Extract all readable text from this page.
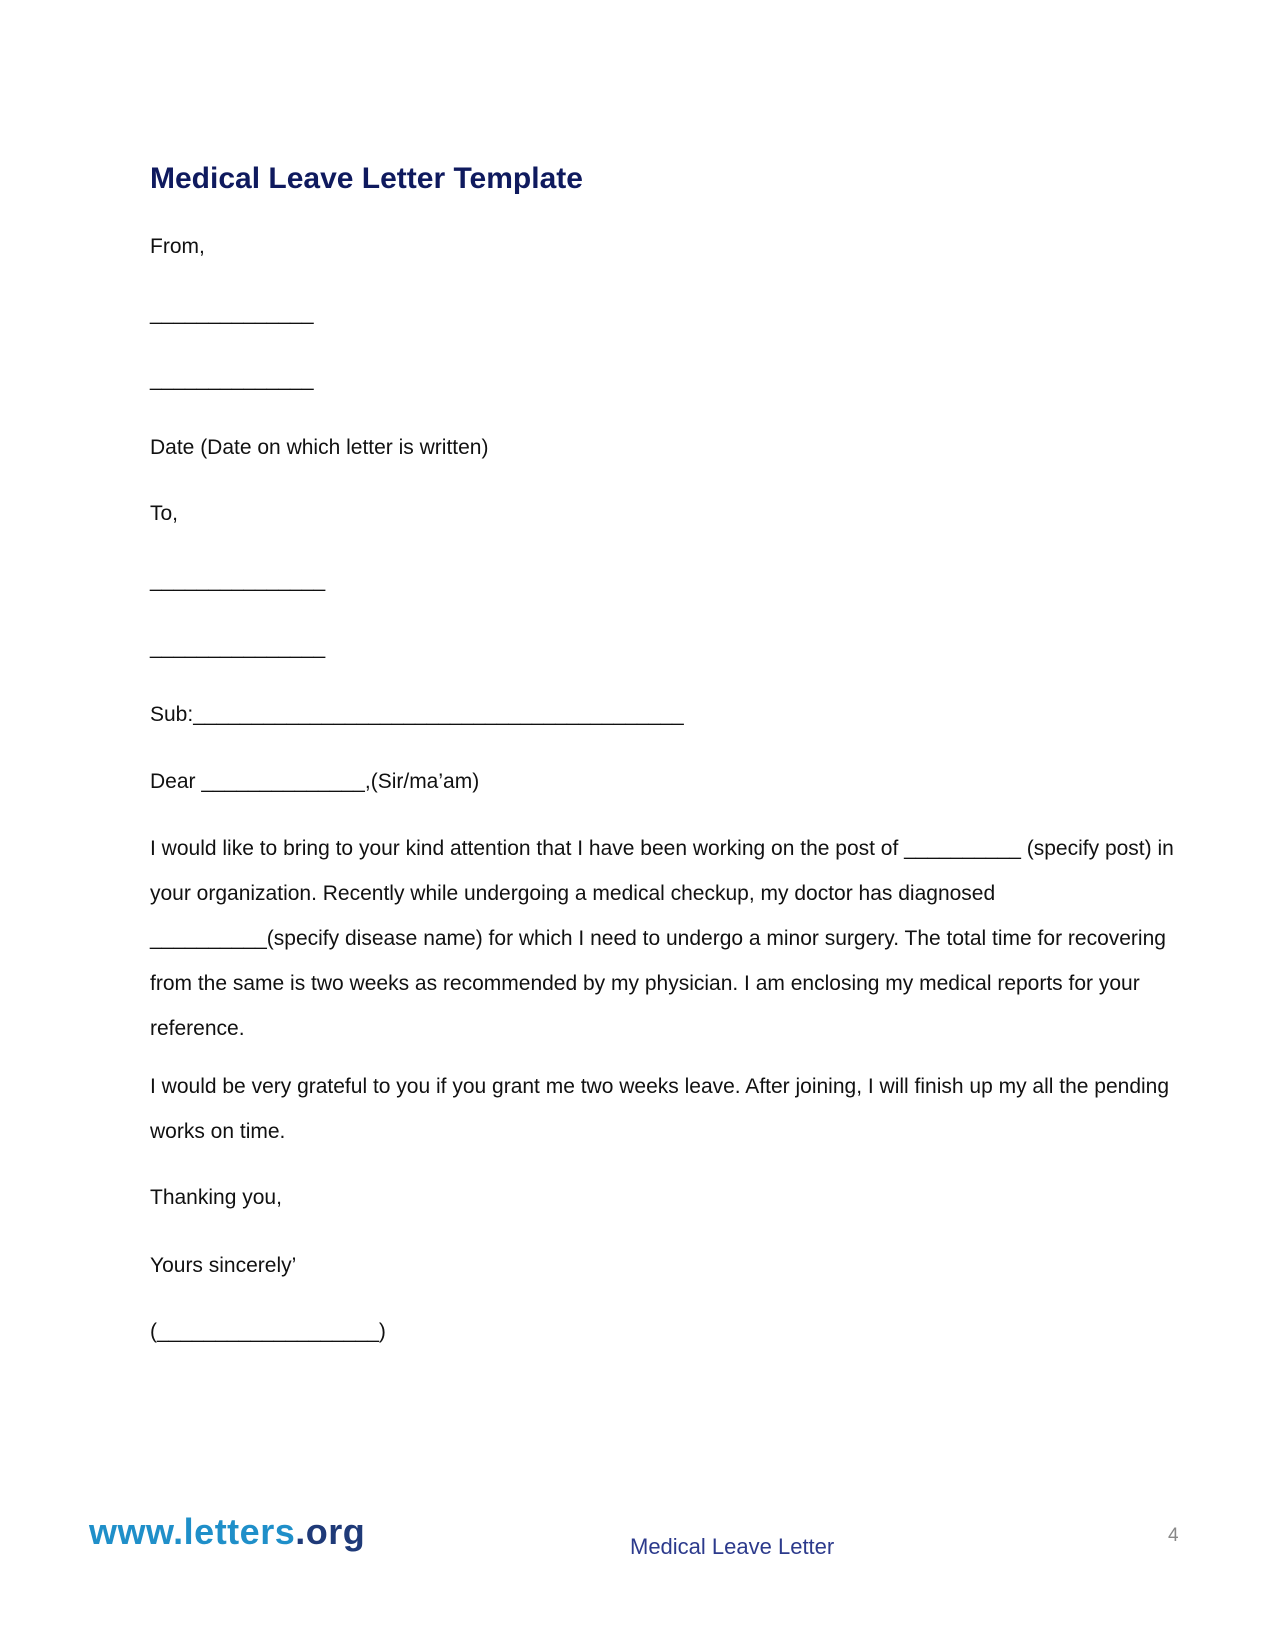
Medical Leave Letter Template

From,

______________

______________

Date (Date on which letter is written)

To,

_______________

_______________

Sub:__________________________________________

Dear ______________,(Sir/ma’am)

I would like to bring to your kind attention that I have been working on the post of __________ (specify post) in your organization. Recently while undergoing a medical checkup, my doctor has diagnosed __________(specify disease name) for which I need to undergo a minor surgery. The total time for recovering from the same is two weeks as recommended by my physician. I am enclosing my medical reports for your reference.

I would be very grateful to you if you grant me two weeks leave. After joining, I will finish up my all the pending works on time.

Thanking you,

Yours sincerely’

(___________________)

www.letters.org	Medical Leave Letter	4
